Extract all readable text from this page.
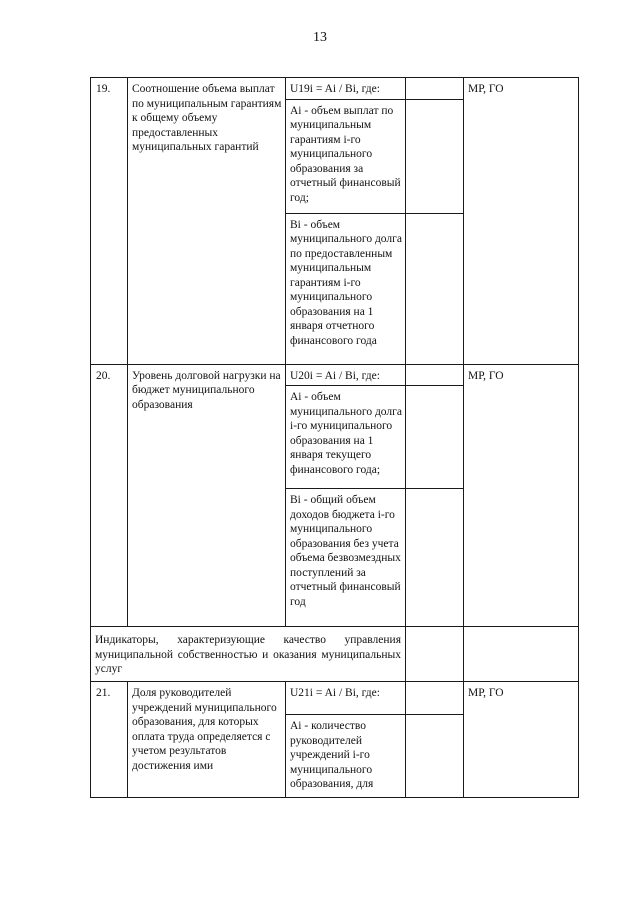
13
19.	Соотношение объема выплат по муниципальным гарантиям к общему объему предоставленных муниципальных гарантий	U19i = Ai / Bi, где:		МР, ГО
		Ai - объем выплат по муниципальным гарантиям i-го муниципального образования за отчетный финансовый год;		
		Bi - объем муниципального долга по предоставленным муниципальным гарантиям i-го муниципального образования на 1 января отчетного финансового года		
20.	Уровень долговой нагрузки на бюджет муниципального образования	U20i = Ai / Bi, где:		МР, ГО
		Ai - объем муниципального долга i-го муниципального образования на 1 января текущего финансового года;		
		Bi - общий объем доходов бюджета i-го муниципального образования без учета объема безвозмездных поступлений за отчетный финансовый год		
Индикаторы, характеризующие качество управления муниципальной собственностью и оказания муниципальных услуг				
21.	Доля руководителей учреждений муниципального образования, для которых оплата труда определяется с учетом результатов достижения ими	U21i = Ai / Bi, где:		МР, ГО
		Ai - количество руководителей учреждений i-го муниципального образования, для		
